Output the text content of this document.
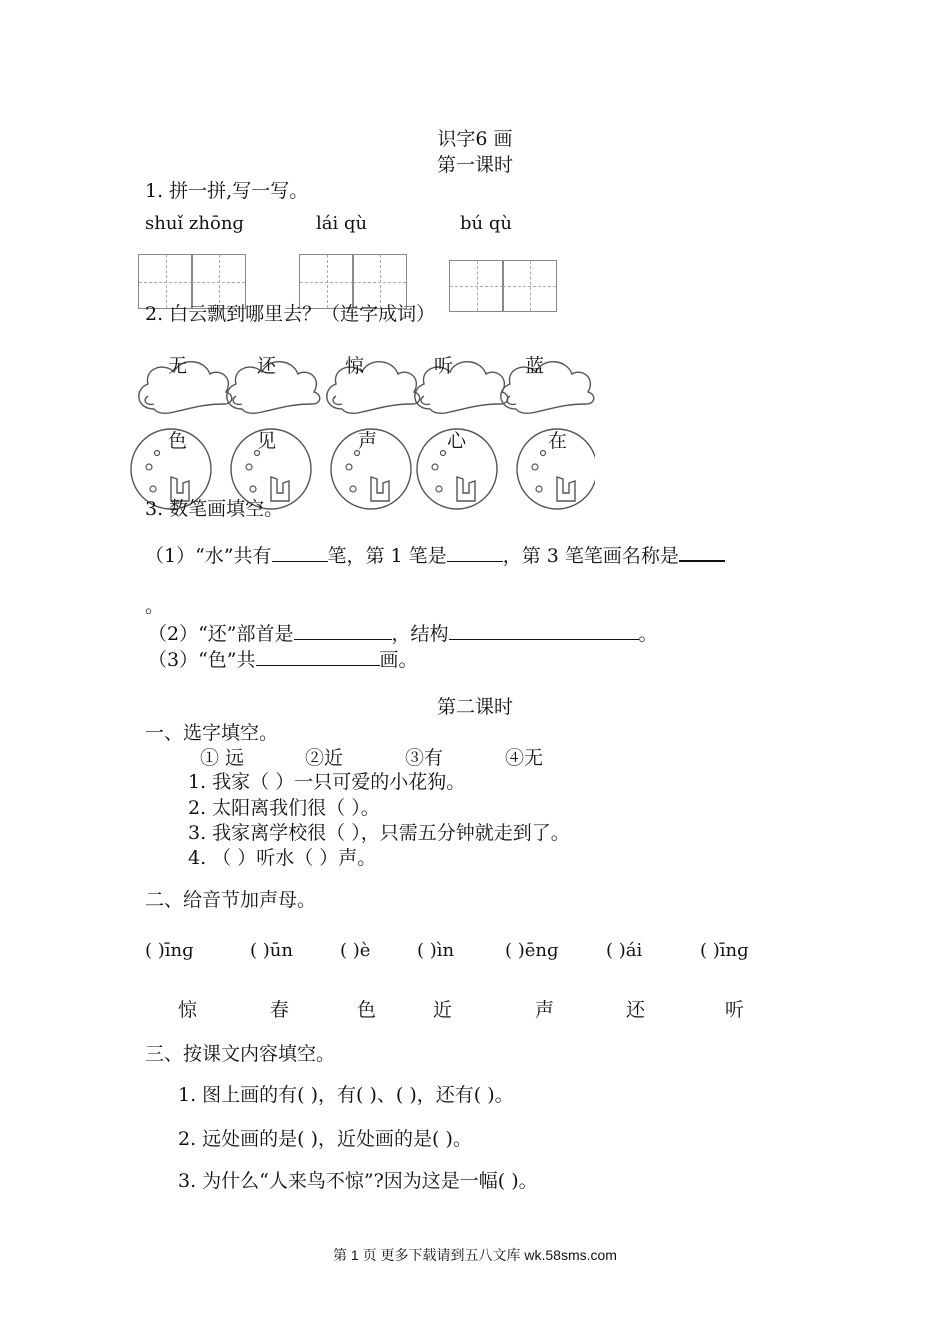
识字6 画
第一课时
1. 拼一拼,写一写。
shuǐ zhōnɡ	lái qù	bú qù
2. 白云飘到哪里去？（连字成词）
无	还	惊	听	蓝
色	见	声	心	在
3. 数笔画填空。
（1）“水”共有	笔，第 1 笔是	，第 3 笔笔画名称是
。
（2）“还”部首是	，结构	。
（3）“色”共	画。
第二课时
一、选字填空。
① 远	②近	③有	④无
1. 我家（ ）一只可爱的小花狗。
2. 太阳离我们很（ ）。
3. 我家离学校很（ ），只需五分钟就走到了。
4. （ ）听水（ ）声。
二、给音节加声母。
( )īnɡ	( )ūn	( )è	( )ìn	( )ēnɡ	( )ái	( )īnɡ
惊	春	色	近	声	还	听
三、按课文内容填空。
1. 图上画的有( )，有( )、( )，还有( )。
2. 远处画的是( )，近处画的是( )。
3. 为什么“人来鸟不惊”?因为这是一幅( )。
第 1 页 更多下载请到五八文库 wk.58sms.com
